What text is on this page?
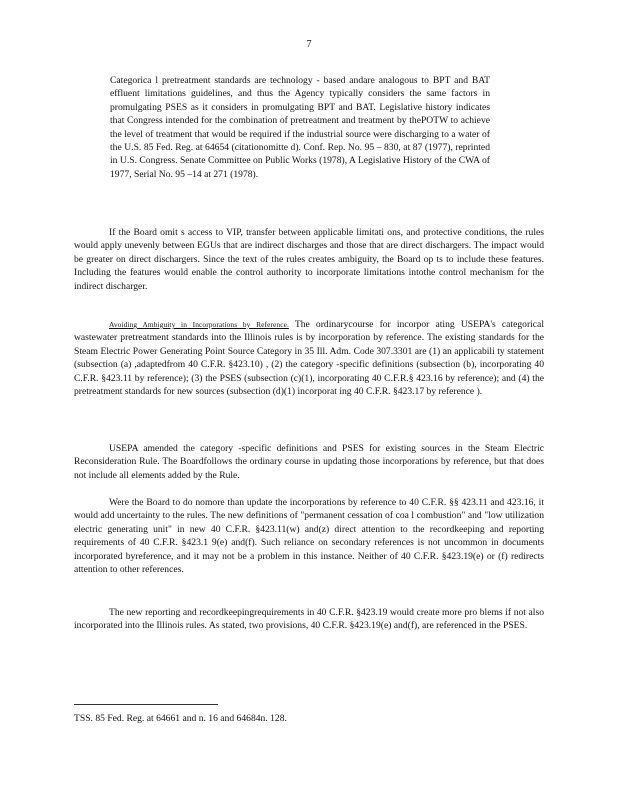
7
Categorica l pretreatment standards are technology - based andare analogous to BPT and BAT effluent limitations guidelines, and thus the Agency typically considers the same factors in promulgating PSES as it considers in promulgating BPT and BAT. Legislative history indicates that Congress intended for the combination of pretreatment and treatment by thePOTW to achieve the level of treatment that would be required if the industrial source were discharging to a water of the U.S. 85 Fed. Reg. at 64654 (citationomitte d). Conf. Rep. No. 95 – 830, at 87 (1977), reprinted in U.S. Congress. Senate Committee on Public Works (1978), A Legislative History of the CWA of 1977, Serial No. 95 –14 at 271 (1978).

If the Board omit s access to VIP, transfer between applicable limitati ons, and protective conditions, the rules would apply unevenly between EGUs that are indirect discharges and those that are direct dischargers. The impact would be greater on direct dischargers. Since the text of the rules creates ambiguity, the Board op ts to include these features. Including the features would enable the control authority to incorporate limitations intothe control mechanism for the indirect discharger.

Avoiding Ambiguity in Incorporations by Reference. The ordinarycourse for incorpor ating USEPA's categorical wastewater pretreatment standards into the Illinois rules is by incorporation by reference. The existing standards for the Steam Electric Power Generating Point Source Category in 35 Ill. Adm. Code 307.3301 are (1) an applicabili ty statement (subsection (a) ,adaptedfrom 40 C.F.R. §423.10) , (2) the category -specific definitions (subsection (b), incorporating 40 C.F.R. §423.11 by reference); (3) the PSES (subsection (c)(1), incorporating 40 C.F.R.§ 423.16 by reference); and (4) the pretreatment standards for new sources (subsection (d)(1) incorporat ing 40 C.F.R. §423.17 by reference ).

USEPA amended the category -specific definitions and PSES for existing sources in the Steam Electric Reconsideration Rule. The Boardfollows the ordinary course in updating those incorporations by reference, but that does not include all elements added by the Rule.

Were the Board to do nomore than update the incorporations by reference to 40 C.F.R. §§ 423.11 and 423.16, it would add uncertainty to the rules. The new definitions of "permanent cessation of coa l combustion" and "low utilization electric generating unit" in new 40 C.F.R. §423.11(w) and(z) direct attention to the recordkeeping and reporting requirements of 40 C.F.R. §423.1 9(e) and(f). Such reliance on secondary references is not uncommon in documents incorporated byreference, and it may not be a problem in this instance. Neither of 40 C.F.R. §423.19(e) or (f) redirects attention to other references.

The new reporting and recordkeepingrequirements in 40 C.F.R. §423.19 would create more pro blems if not also incorporated into the Illinois rules. As stated, two provisions, 40 C.F.R. §423.19(e) and(f), are referenced in the PSES.

TSS. 85 Fed. Reg. at 64661 and n. 16 and 64684n. 128.
